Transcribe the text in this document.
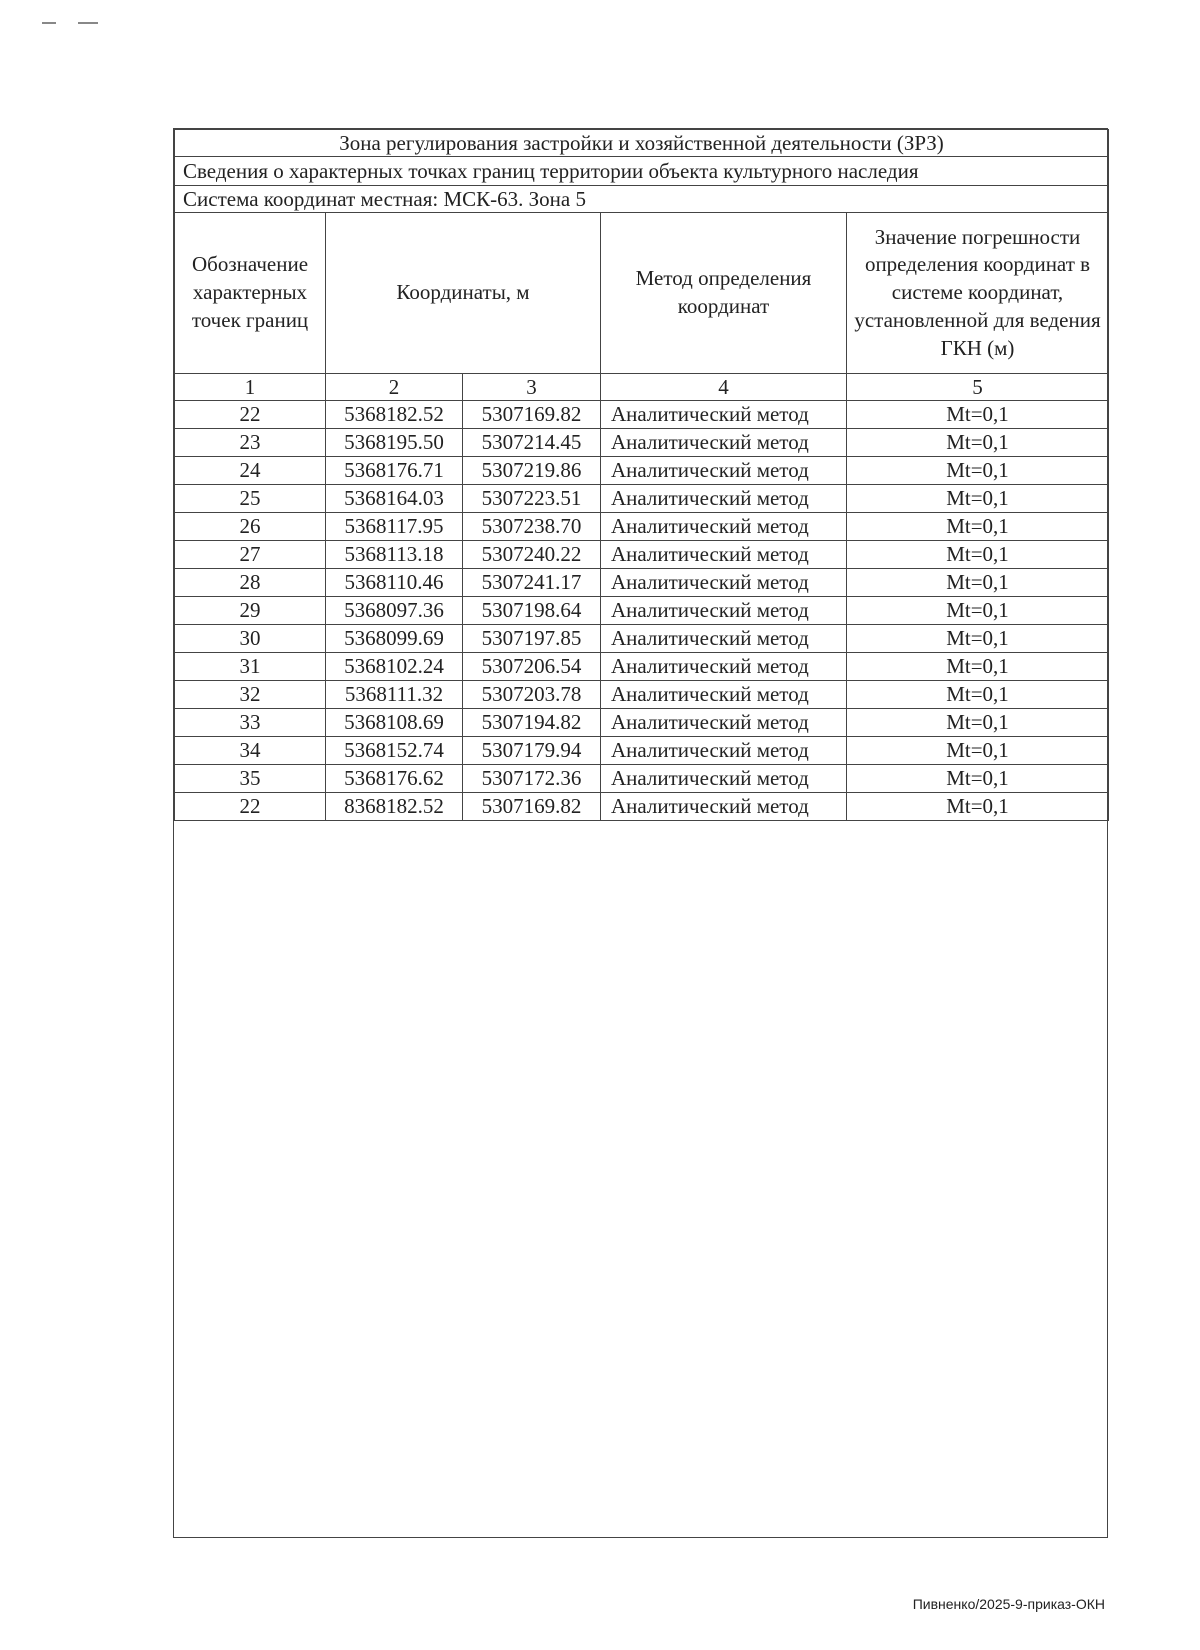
Зона регулирования застройки и хозяйственной деятельности (ЗРЗ)				
Сведения о характерных точках границ территории объекта культурного наследия				
Система координат местная: МСК-63. Зона 5				
Обозначение характерных точек границ	Координаты, м		Метод определения координат	Значение погрешности определения координат в системе координат, установленной для ведения ГКН (м)
1	2	3	4	5
22	5368182.52	5307169.82	Аналитический метод	Mt=0,1
23	5368195.50	5307214.45	Аналитический метод	Mt=0,1
24	5368176.71	5307219.86	Аналитический метод	Mt=0,1
25	5368164.03	5307223.51	Аналитический метод	Mt=0,1
26	5368117.95	5307238.70	Аналитический метод	Mt=0,1
27	5368113.18	5307240.22	Аналитический метод	Mt=0,1
28	5368110.46	5307241.17	Аналитический метод	Mt=0,1
29	5368097.36	5307198.64	Аналитический метод	Mt=0,1
30	5368099.69	5307197.85	Аналитический метод	Mt=0,1
31	5368102.24	5307206.54	Аналитический метод	Mt=0,1
32	5368111.32	5307203.78	Аналитический метод	Mt=0,1
33	5368108.69	5307194.82	Аналитический метод	Mt=0,1
34	5368152.74	5307179.94	Аналитический метод	Mt=0,1
35	5368176.62	5307172.36	Аналитический метод	Mt=0,1
22	8368182.52	5307169.82	Аналитический метод	Mt=0,1
Пивненко/2025-9-приказ-ОКН
